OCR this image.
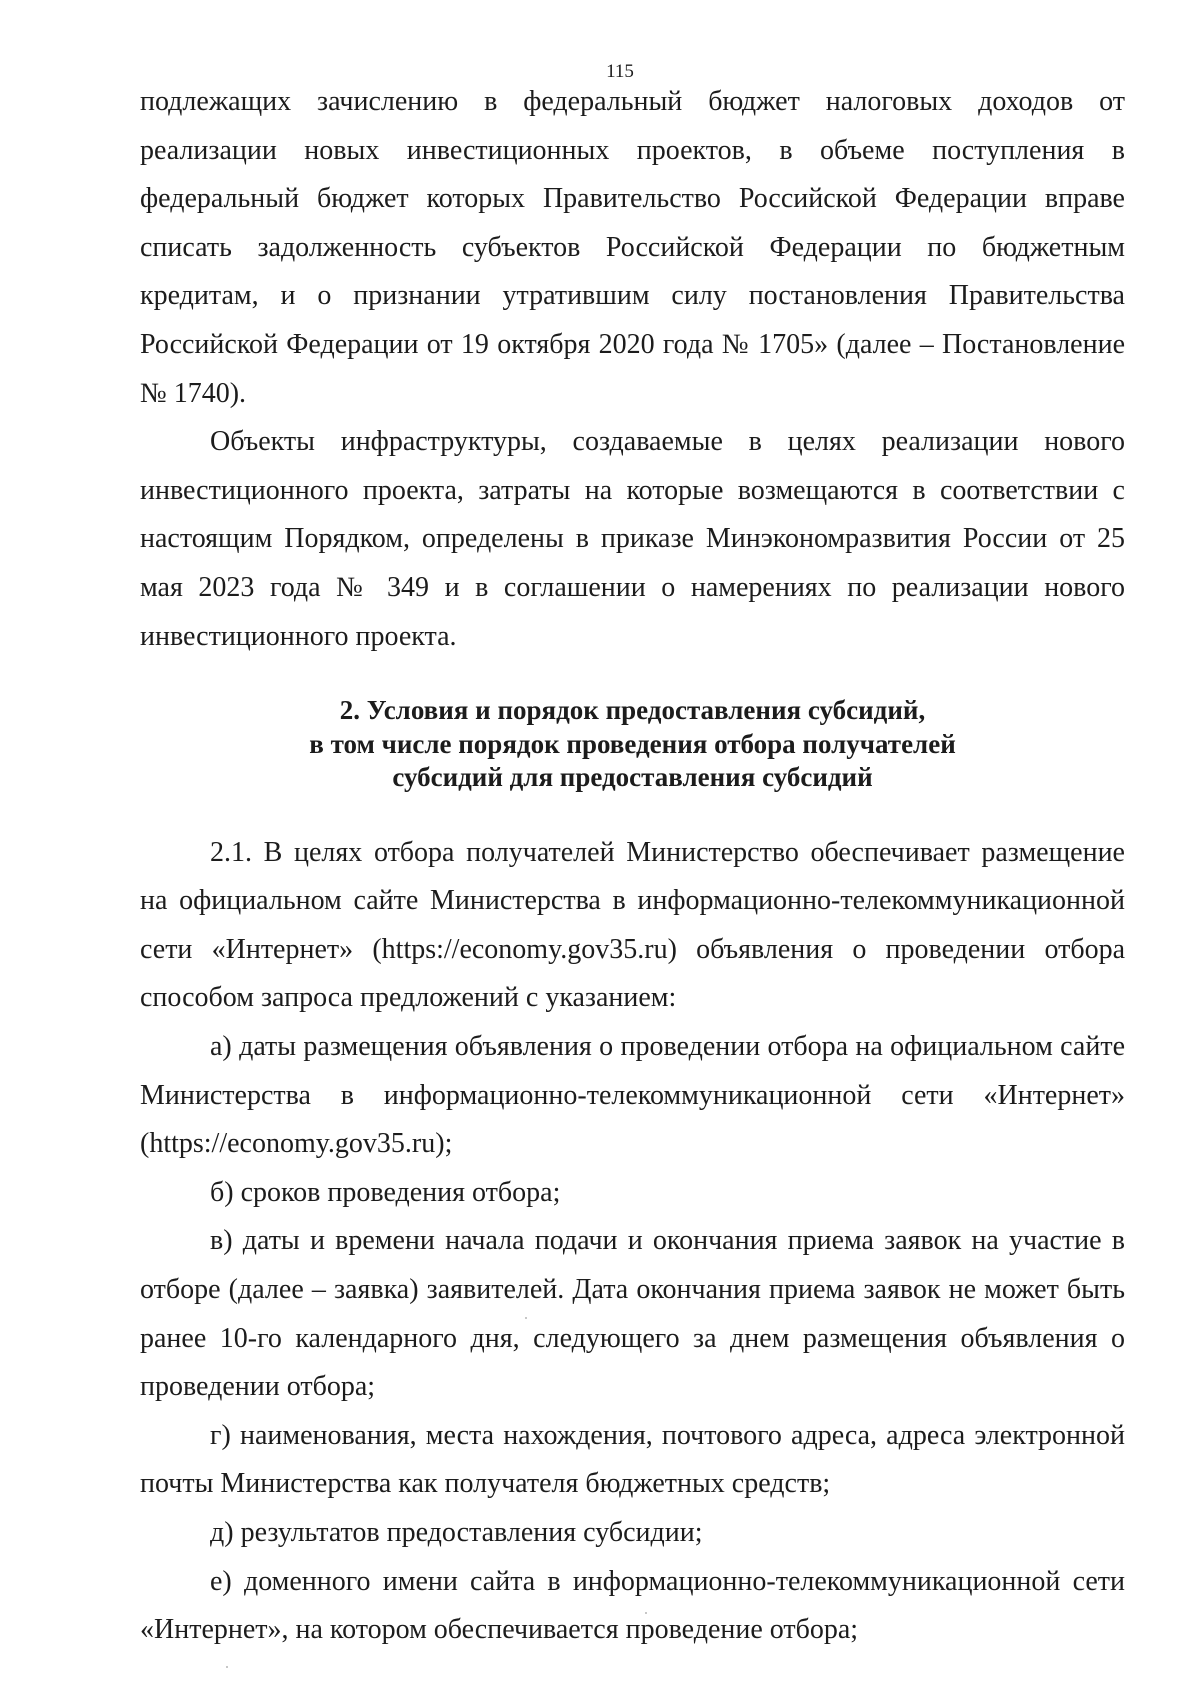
115

подлежащих зачислению в федеральный бюджет налоговых доходов от реализации новых инвестиционных проектов, в объеме поступления в федеральный бюджет которых Правительство Российской Федерации вправе списать задолженность субъектов Российской Федерации по бюджетным кредитам, и о признании утратившим силу постановления Правительства Российской Федерации от 19 октября 2020 года № 1705» (далее – Постановление № 1740).

Объекты инфраструктуры, создаваемые в целях реализации нового инвестиционного проекта, затраты на которые возмещаются в соответствии с настоящим Порядком, определены в приказе Минэкономразвития России от 25 мая 2023 года № 349 и в соглашении о намерениях по реализации нового инвестиционного проекта.

2. Условия и порядок предоставления субсидий,
в том числе порядок проведения отбора получателей
субсидий для предоставления субсидий

2.1. В целях отбора получателей Министерство обеспечивает размещение на официальном сайте Министерства в информационно-телекоммуникационной сети «Интернет» (https://economy.gov35.ru) объявления о проведении отбора способом запроса предложений с указанием:

а) даты размещения объявления о проведении отбора на официальном сайте Министерства в информационно-телекоммуникационной сети «Интернет» (https://economy.gov35.ru);

б) сроков проведения отбора;

в) даты и времени начала подачи и окончания приема заявок на участие в отборе (далее – заявка) заявителей. Дата окончания приема заявок не может быть ранее 10-го календарного дня, следующего за днем размещения объявления о проведении отбора;

г) наименования, места нахождения, почтового адреса, адреса электронной почты Министерства как получателя бюджетных средств;

д) результатов предоставления субсидии;

е) доменного имени сайта в информационно-телекоммуникационной сети «Интернет», на котором обеспечивается проведение отбора;
